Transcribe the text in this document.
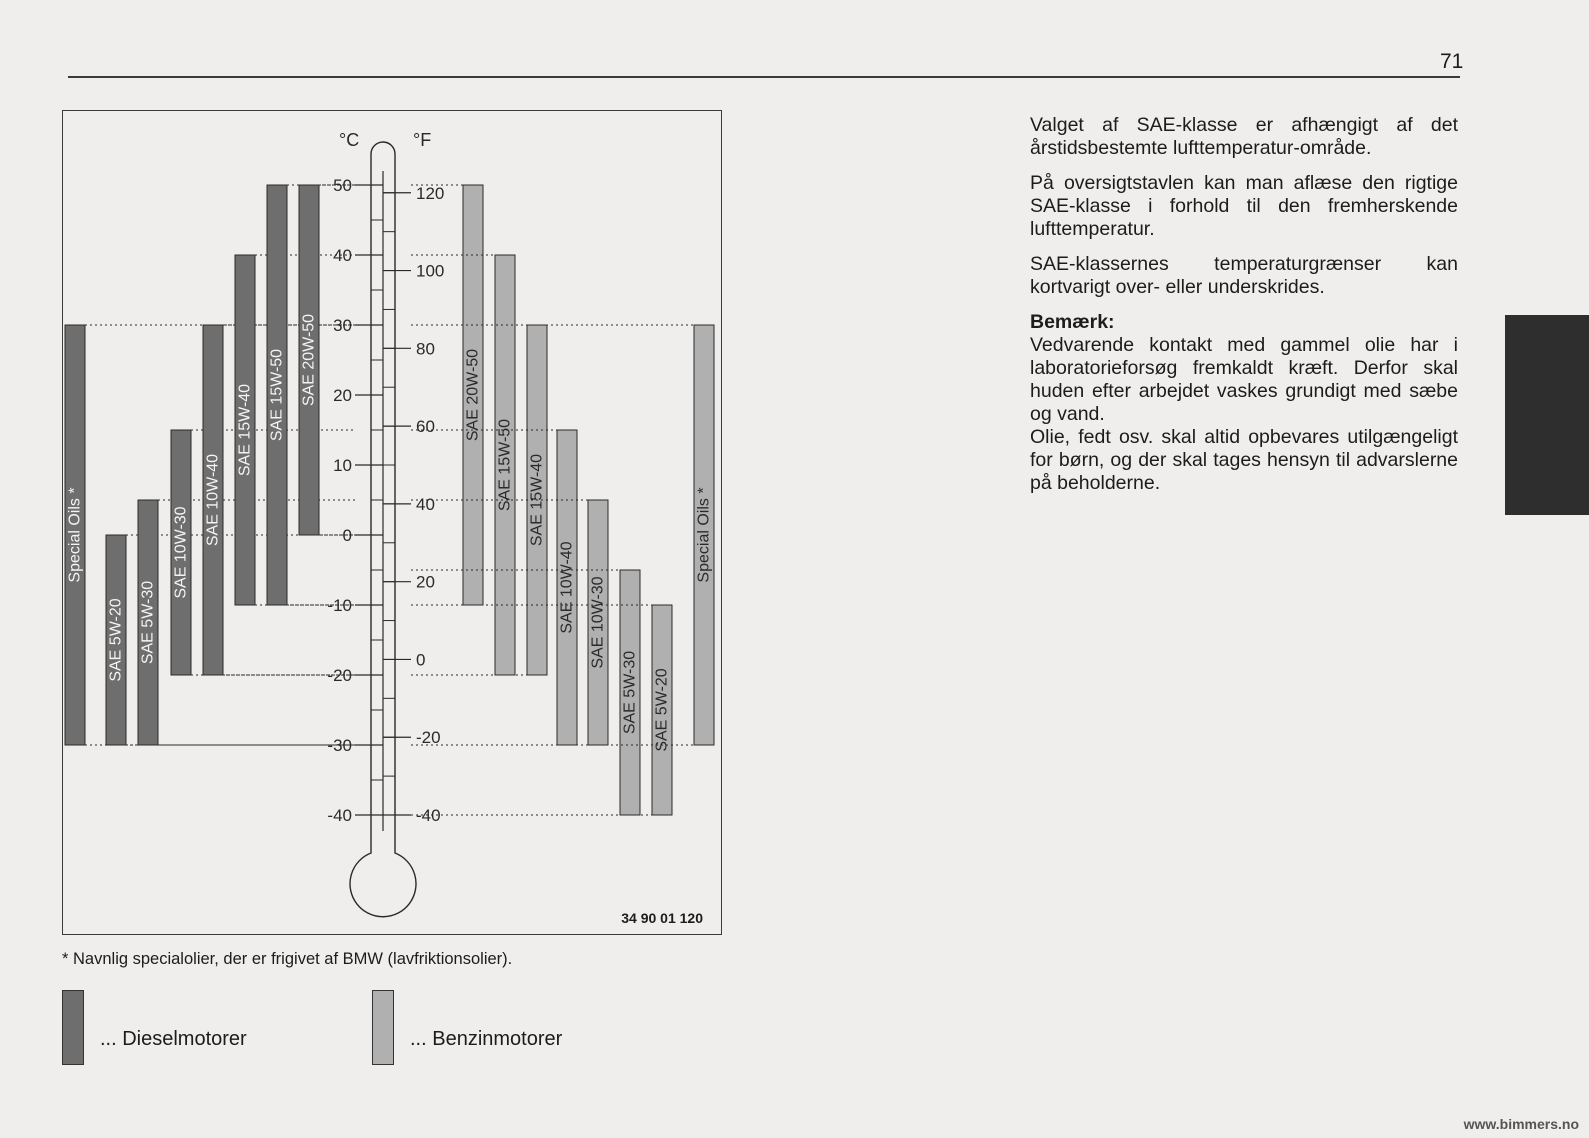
71
°C	°F
50
40
30
20
10
0
-10
-20
-30
-40
120
100
80
60
40
20
0
-20
-40
Special Oils *
SAE 5W-20 SAE 5W-30
SAE 10W-30
SAE 10W-40
SAE 15W-40 SAE 15W-50 SAE 20W-50	SAE 20W-50
SAE 15W-50 SAE 15W-40
SAE 10W-40 SAE 10W-30
SAE 5W-30 SAE 5W-20
Special Oils *
34 90 01 120

Valget af SAE-klasse er afhængigt af det årstidsbestemte lufttemperatur-område.

På oversigtstavlen kan man aflæse den rigtige SAE-klasse i forhold til den fremherskende lufttemperatur.

SAE-klassernes temperaturgrænser kan kortvarigt over- eller underskrides.

Bemærk:
Vedvarende kontakt med gammel olie har i laboratorieforsøg fremkaldt kræft. Derfor skal huden efter arbejdet vaskes grundigt med sæbe og vand.
Olie, fedt osv. skal altid opbevares utilgængeligt for børn, og der skal tages hensyn til advarslerne på beholderne.
* Navnlig specialolier, der er frigivet af BMW (lavfriktionsolier).
... Dieselmotorer	... Benzinmotorer
www.bimmers.no
